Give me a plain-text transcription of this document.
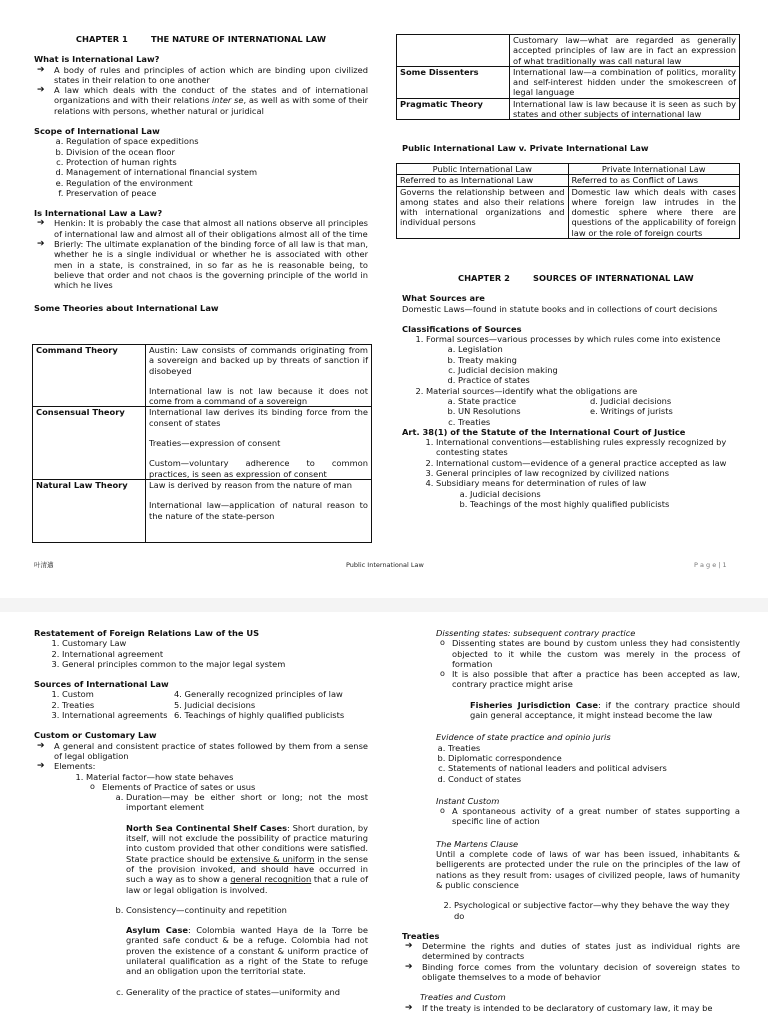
CHAPTER 1        THE NATURE OF INTERNATIONAL LAW
What is International Law?
➔ A body of rules and principles of action which are binding upon civilized states in their relation to one another
➔ A law which deals with the conduct of the states and of international organizations and with their relations inter se, as well as with some of their relations with persons, whether natural or juridical
Scope of International Law
a. Regulation of space expeditions
b. Division of the ocean floor
c. Protection of human rights
d. Management of international financial system
e. Regulation of the environment
f. Preservation of peace
Is International Law a Law?
➔ Henkin: It is probably the case that almost all nations observe all principles of international law and almost all of their obligations almost all of the time
➔ Brierly: The ultimate explanation of the binding force of all law is that man, whether he is a single individual or whether he is associated with other men in a state, is constrained, in so far as he is reasonable being, to believe that order and not chaos is the governing principle of the world in which he lives
Some Theories about International Law
Command Theory	Austin: Law consists of commands originating from a sovereign and backed up by threats of sanction if disobeyed
International law is not law because it does not come from a command of a sovereign

Consensual Theory	International law derives its binding force from the consent of states
Treaties—expression of consent
Custom—voluntary adherence to common practices, is seen as expression of consent

Natural Law Theory	Law is derived by reason from the nature of man
International law—application of natural reason to the nature of the state-person
	Customary law—what are regarded as generally accepted principles of law are in fact an expression of what traditionally was call natural law
Some Dissenters	International law—a combination of politics, morality and self-interest hidden under the smokescreen of legal language
Pragmatic Theory	International law is law because it is seen as such by states and other subjects of international law
Public International Law v. Private International Law
Public International Law	Private International Law
Referred to as International Law	Referred to as Conflict of Laws
Governs the relationship between and among states and also their relations with international organizations and individual persons	Domestic law which deals with cases where foreign law intrudes in the domestic sphere where there are questions of the applicability of foreign law or the role of foreign courts
CHAPTER 2        SOURCES OF INTERNATIONAL LAW
What Sources are
Domestic Laws—found in statute books and in collections of court decisions
Classifications of Sources
1. Formal sources—various processes by which rules come into existence
a. Legislation
b. Treaty making
c. Judicial decision making
d. Practice of states
2. Material sources—identify what the obligations are
a. State practice
b. UN Resolutions
c. Treaties
d. Judicial decisions
e. Writings of jurists
Art. 38(1) of the Statute of the International Court of Justice
1. International conventions—establishing rules expressly recognized by contesting states
2. International custom—evidence of a general practice accepted as law
3. General principles of law recognized by civilized nations
4. Subsidiary means for determination of rules of law
a. Judicial decisions
b. Teachings of the most highly qualified publicists
叶清邁	Public International Law	P a g e | 1
Restatement of Foreign Relations Law of the US
1. Customary Law
2. International agreement
3. General principles common to the major legal system
Sources of International Law
1. Custom
2. Treaties
3. International agreements
4. Generally recognized principles of law
5. Judicial decisions
6. Teachings of highly qualified publicists
Custom or Customary Law
➔ A general and consistent practice of states followed by them from a sense of legal obligation
➔ Elements:
1. Material factor—how state behaves
o Elements of Practice of sates or usus
a. Duration—may be either short or long; not the most important element

North Sea Continental Shelf Cases: Short duration, by itself, will not exclude the possibility of practice maturing into custom provided that other conditions were satisfied. State practice should be extensive & uniform in the sense of the provision invoked, and should have occurred in such a way as to show a general recognition that a rule of law or legal obligation is involved.

b. Consistency—continuity and repetition

Asylum Case: Colombia wanted Haya de la Torre be granted safe conduct & be a refuge. Colombia had not proven the existence of a constant & uniform practice of unilateral qualification as a right of the State to refuge and an obligation upon the territorial state.

c. Generality of the practice of states—uniformity and
Dissenting states: subsequent contrary practice
o Dissenting states are bound by custom unless they had consistently objected to it while the custom was merely in the process of formation
o It is also possible that after a practice has been accepted as law, contrary practice might arise

Fisheries Jurisdiction Case: if the contrary practice should gain general acceptance, it might instead become the law

Evidence of state practice and opinio juris
a. Treaties
b. Diplomatic correspondence
c. Statements of national leaders and political advisers
d. Conduct of states
Instant Custom
o A spontaneous activity of a great number of states supporting a specific line of action
The Martens Clause

Until a complete code of laws of war has been issued, inhabitants & belligerents are protected under the rule on the principles of the law of nations as they result from: usages of civilized people, laws of humanity & public conscience

2. Psychological or subjective factor—why they behave the way they do
Treaties
➔ Determine the rights and duties of states just as individual rights are determined by contracts
➔ Binding force comes from the voluntary decision of sovereign states to obligate themselves to a mode of behavior
Treaties and Custom
➔ If the treaty is intended to be declaratory of customary law, it may be
